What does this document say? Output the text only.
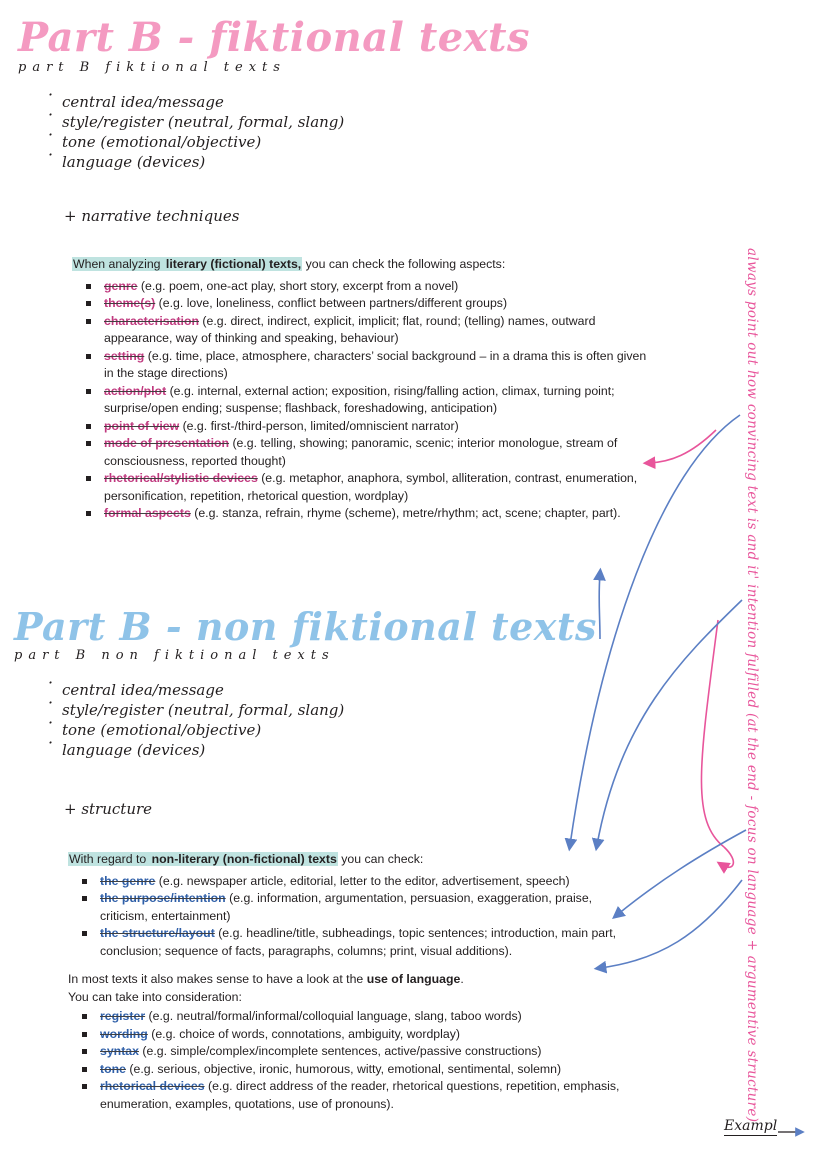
Part B - fiktional texts
part B fiktional texts
· central idea/message
· style/register (neutral, formal, slang)
· tone (emotional/objective)
· language (devices)
+ narrative techniques
When analyzing literary (fictional) texts, you can check the following aspects:
genre (e.g. poem, one-act play, short story, excerpt from a novel)
theme(s) (e.g. love, loneliness, conflict between partners/different groups)
characterisation (e.g. direct, indirect, explicit, implicit; flat, round; (telling) names, outward appearance, way of thinking and speaking, behaviour)
setting (e.g. time, place, atmosphere, characters’ social background – in a drama this is often given in the stage directions)
action/plot (e.g. internal, external action; exposition, rising/falling action, climax, turning point; surprise/open ending; suspense; flashback, foreshadowing, anticipation)
point of view (e.g. first-/third-person, limited/omniscient narrator)
mode of presentation (e.g. telling, showing; panoramic, scenic; interior monologue, stream of consciousness, reported thought)
rhetorical/stylistic devices (e.g. metaphor, anaphora, symbol, alliteration, contrast, enumeration, personification, repetition, rhetorical question, wordplay)
formal aspects (e.g. stanza, refrain, rhyme (scheme), metre/rhythm; act, scene; chapter, part).
Part B - non fiktional texts
part B non fiktional texts
· central idea/message
· style/register (neutral, formal, slang)
· tone (emotional/objective)
· language (devices)
+ structure
With regard to non-literary (non-fictional) texts you can check:
the genre (e.g. newspaper article, editorial, letter to the editor, advertisement, speech)
the purpose/intention (e.g. information, argumentation, persuasion, exaggeration, praise, criticism, entertainment)
the structure/layout (e.g. headline/title, subheadings, topic sentences; introduction, main part, conclusion; sequence of facts, paragraphs, columns; print, visual additions).
In most texts it also makes sense to have a look at the use of language.
You can take into consideration:
register (e.g. neutral/formal/informal/colloquial language, slang, taboo words)
wording (e.g. choice of words, connotations, ambiguity, wordplay)
syntax (e.g. simple/complex/incomplete sentences, active/passive constructions)
tone (e.g. serious, objective, ironic, humorous, witty, emotional, sentimental, solemn)
rhetorical devices (e.g. direct address of the reader, rhetorical questions, repetition, emphasis, enumeration, examples, quotations, use of pronouns).	always point out how convincing text is and it' intention fulfilled (at the end - focus on language + argumentive structure)
Exampl
